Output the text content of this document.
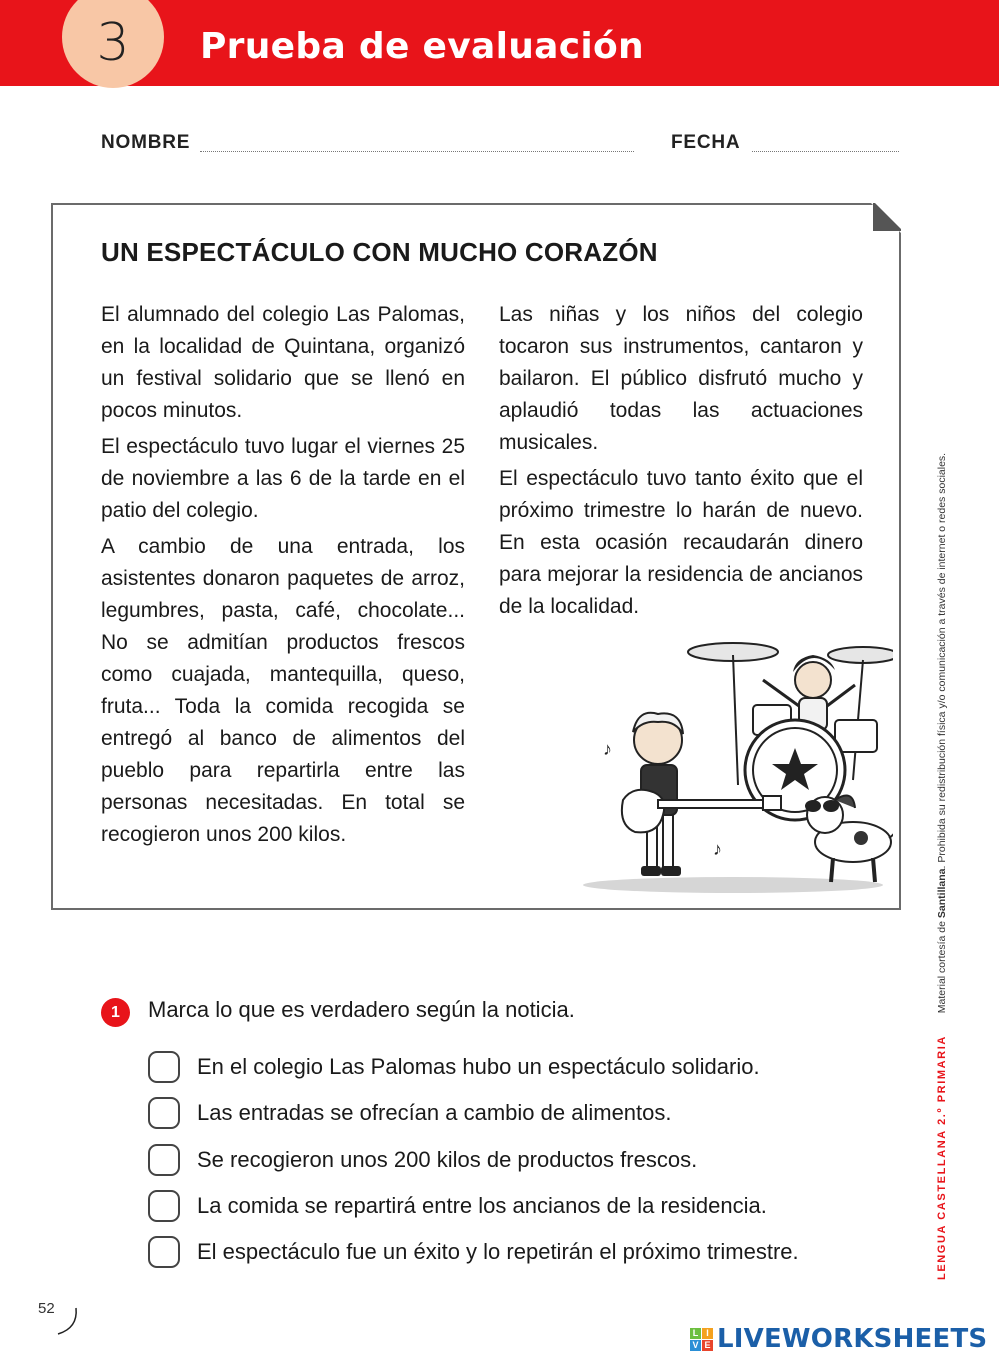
3 Prueba de evaluación
NOMBRE	FECHA
UN ESPECTÁCULO CON MUCHO CORAZÓN

El alumnado del colegio Las Palomas, en la localidad de Quintana, organizó un festival solidario que se llenó en pocos minutos.

El espectáculo tuvo lugar el viernes 25 de noviembre a las 6 de la tarde en el patio del colegio.

A cambio de una entrada, los asistentes donaron paquetes de arroz, legumbres, pasta, café, chocolate... No se admitían productos frescos como cuajada, mantequilla, queso, fruta... Toda la comida recogida se entregó al banco de alimentos del pueblo para repartirla entre las personas necesitadas. En total se recogieron unos 200 kilos.

Las niñas y los niños del colegio tocaron sus instrumentos, cantaron y bailaron. El público disfrutó mucho y aplaudió todas las actuaciones musicales.

El espectáculo tuvo tanto éxito que el próximo trimestre lo harán de nuevo. En esta ocasión recaudarán dinero para mejorar la residencia de ancianos de la localidad.

♪
♪
1	Marca lo que es verdadero según la noticia.
En el colegio Las Palomas hubo un espectáculo solidario.
Las entradas se ofrecían a cambio de alimentos.
Se recogieron unos 200 kilos de productos frescos.
La comida se repartirá entre los ancianos de la residencia.
El espectáculo fue un éxito y lo repetirán el próximo trimestre.	LENGUA CASTELLANA 2.º PRIMARIA  Material cortesía de Santillana. Prohibida su redistribución física y/o comunicación a través de internet o redes sociales.
52
L I
V E LIVEWORKSHEETS
